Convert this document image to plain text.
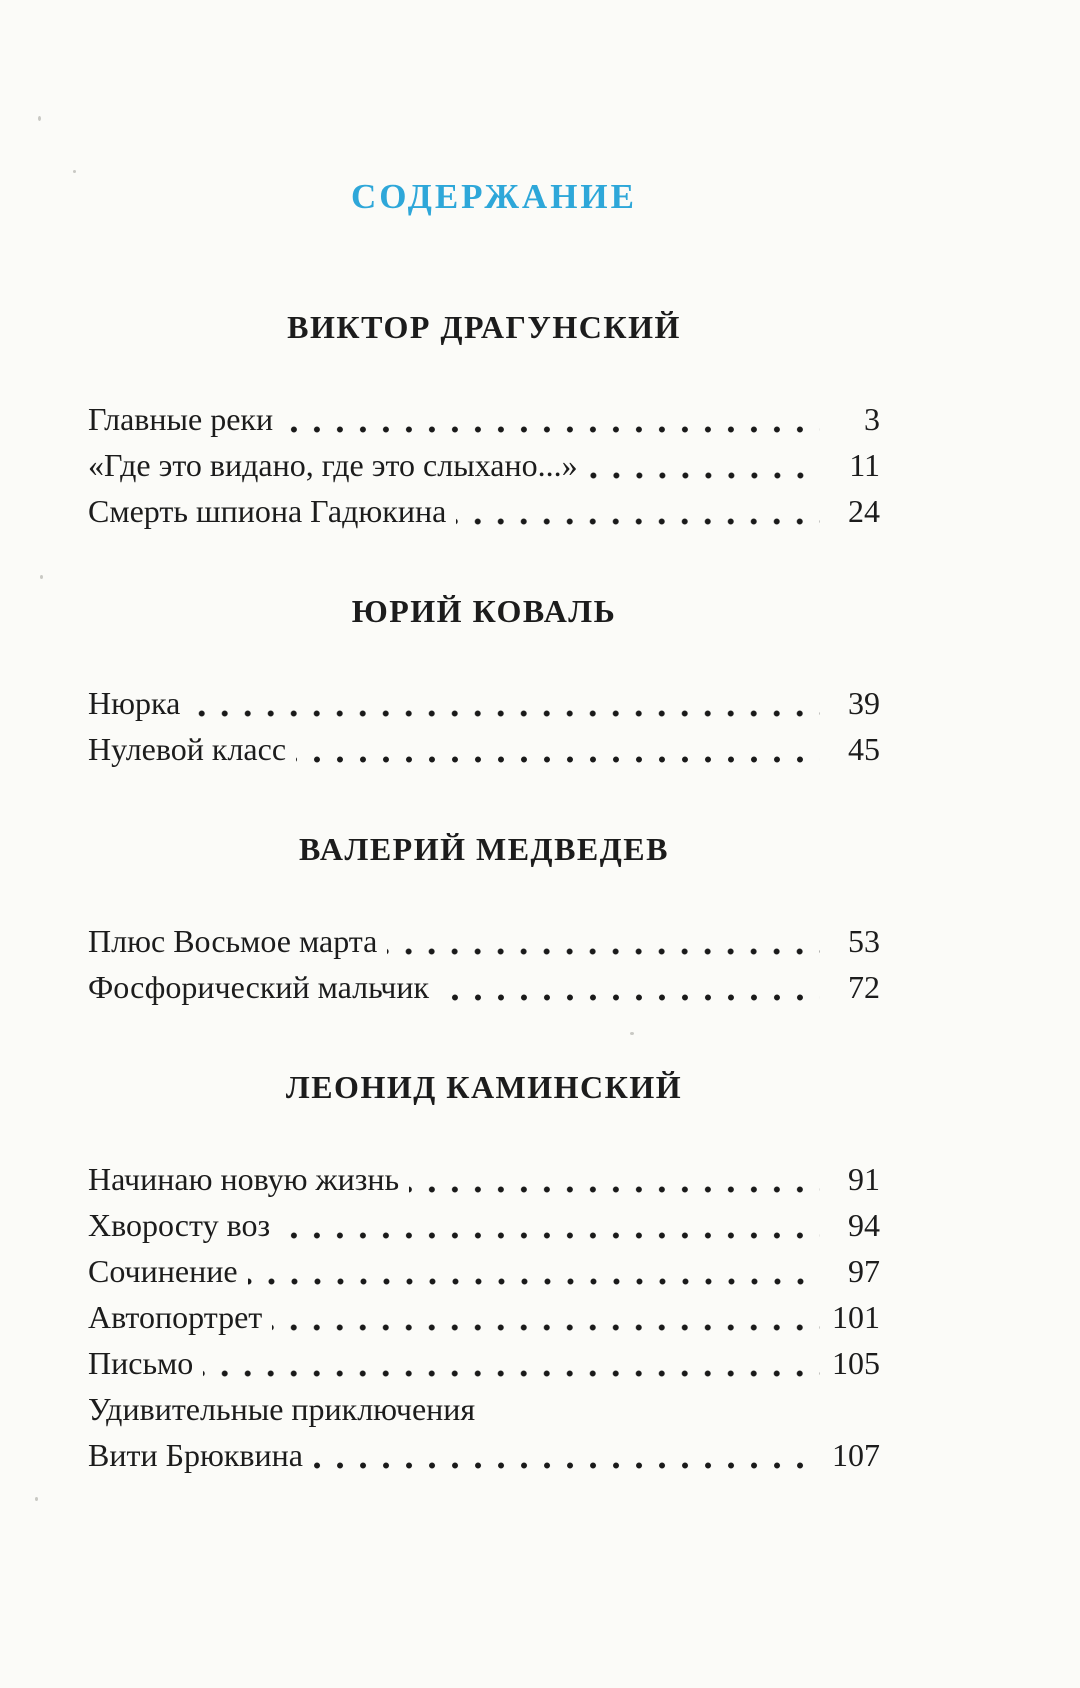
СОДЕРЖАНИЕ
ВИКТОР ДРАГУНСКИЙ
Главные реки	3
«Где это видано, где это слыхано...»	11
Смерть шпиона Гадюкина	24
ЮРИЙ КОВАЛЬ
Нюрка	39
Нулевой класс	45
ВАЛЕРИЙ МЕДВЕДЕВ
Плюс Восьмое марта	53
Фосфорический мальчик	72
ЛЕОНИД КАМИНСКИЙ
Начинаю новую жизнь	91
Хворосту воз	94
Сочинение	97
Автопортрет	101
Письмо	105
Удивительные приключения
Вити Брюквина	107
